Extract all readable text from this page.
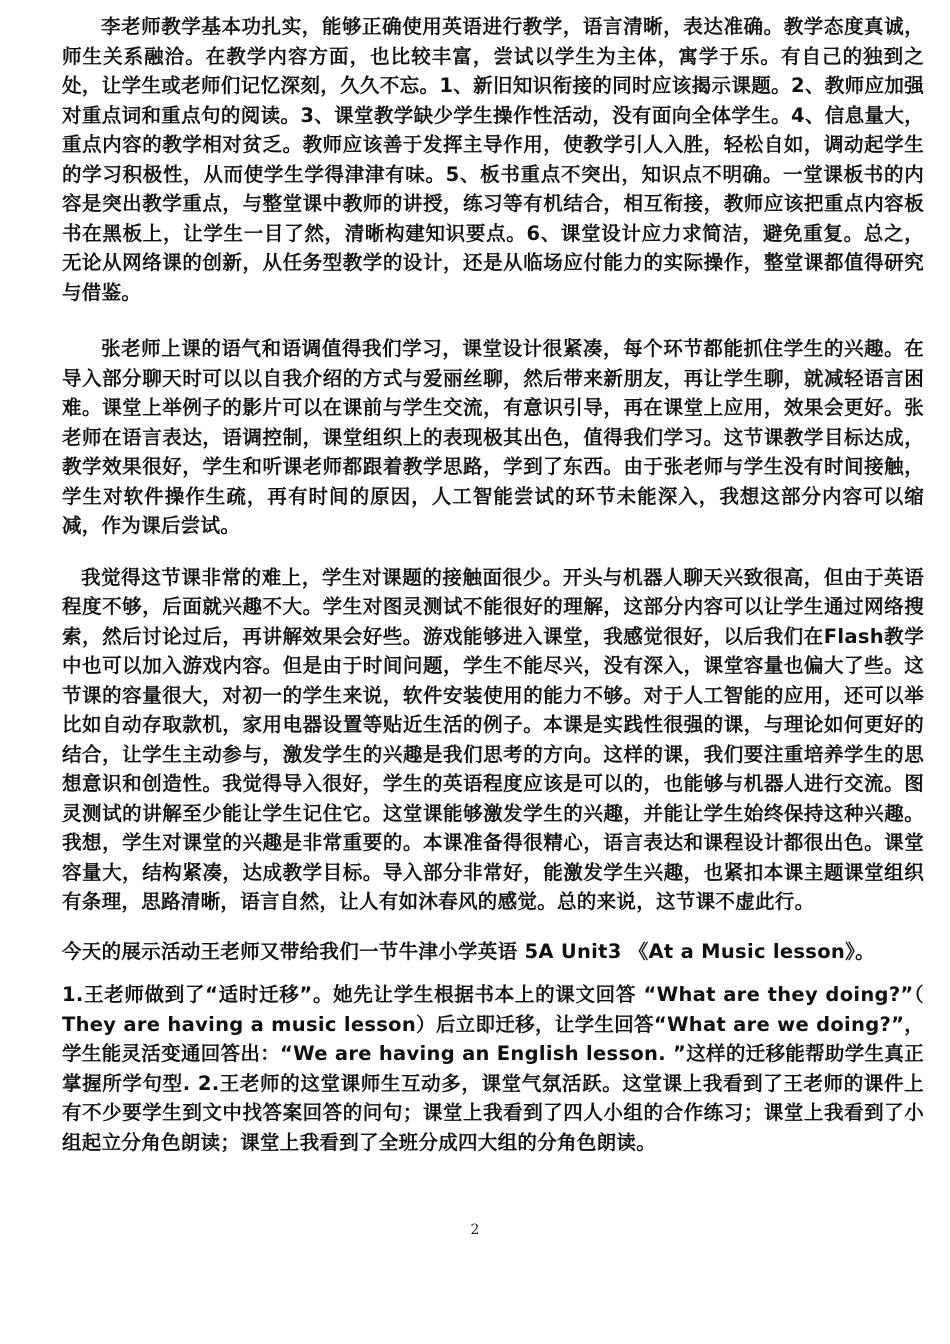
李老师教学基本功扎实，能够正确使用英语进行教学，语言清晰，表达准确。教学态度真诚，师生关系融洽。在教学内容方面，也比较丰富，尝试以学生为主体，寓学于乐。有自己的独到之处，让学生或老师们记忆深刻，久久不忘。1、新旧知识衔接的同时应该揭示课题。2、教师应加强对重点词和重点句的阅读。3、课堂教学缺少学生操作性活动，没有面向全体学生。4、信息量大，重点内容的教学相对贫乏。教师应该善于发挥主导作用，使教学引人入胜，轻松自如，调动起学生的学习积极性，从而使学生学得津津有味。5、板书重点不突出，知识点不明确。一堂课板书的内容是突出教学重点，与整堂课中教师的讲授，练习等有机结合，相互衔接，教师应该把重点内容板书在黑板上，让学生一目了然，清晰构建知识要点。6、课堂设计应力求简洁，避免重复。总之，无论从网络课的创新，从任务型教学的设计，还是从临场应付能力的实际操作，整堂课都值得研究与借鉴。

张老师上课的语气和语调值得我们学习，课堂设计很紧凑，每个环节都能抓住学生的兴趣。在导入部分聊天时可以以自我介绍的方式与爱丽丝聊，然后带来新朋友，再让学生聊，就减轻语言困难。课堂上举例子的影片可以在课前与学生交流，有意识引导，再在课堂上应用，效果会更好。张老师在语言表达，语调控制，课堂组织上的表现极其出色，值得我们学习。这节课教学目标达成，教学效果很好，学生和听课老师都跟着教学思路，学到了东西。由于张老师与学生没有时间接触，学生对软件操作生疏，再有时间的原因，人工智能尝试的环节未能深入，我想这部分内容可以缩减，作为课后尝试。

我觉得这节课非常的难上，学生对课题的接触面很少。开头与机器人聊天兴致很高，但由于英语程度不够，后面就兴趣不大。学生对图灵测试不能很好的理解，这部分内容可以让学生通过网络搜索，然后讨论过后，再讲解效果会好些。游戏能够进入课堂，我感觉很好，以后我们在Flash教学中也可以加入游戏内容。但是由于时间问题，学生不能尽兴，没有深入，课堂容量也偏大了些。这节课的容量很大，对初一的学生来说，软件安装使用的能力不够。对于人工智能的应用，还可以举比如自动存取款机，家用电器设置等贴近生活的例子。本课是实践性很强的课，与理论如何更好的结合，让学生主动参与，激发学生的兴趣是我们思考的方向。这样的课，我们要注重培养学生的思想意识和创造性。我觉得导入很好，学生的英语程度应该是可以的，也能够与机器人进行交流。图灵测试的讲解至少能让学生记住它。这堂课能够激发学生的兴趣，并能让学生始终保持这种兴趣。我想，学生对课堂的兴趣是非常重要的。本课准备得很精心，语言表达和课程设计都很出色。课堂容量大，结构紧凑，达成教学目标。导入部分非常好，能激发学生兴趣，也紧扣本课主题课堂组织有条理，思路清晰，语言自然，让人有如沐春风的感觉。总的来说，这节课不虚此行。

今天的展示活动王老师又带给我们一节牛津小学英语 5A Unit3 《At a Music lesson》。

1.王老师做到了“适时迁移”。她先让学生根据书本上的课文回答 “What are they doing?”（ They are having a music lesson）后立即迁移，让学生回答“What are we doing?”，学生能灵活变通回答出：“We are having an English lesson. ”这样的迁移能帮助学生真正掌握所学句型. 2.王老师的这堂课师生互动多，课堂气氛活跃。这堂课上我看到了王老师的课件上有不少要学生到文中找答案回答的问句；课堂上我看到了四人小组的合作练习；课堂上我看到了小组起立分角色朗读；课堂上我看到了全班分成四大组的分角色朗读。

2
